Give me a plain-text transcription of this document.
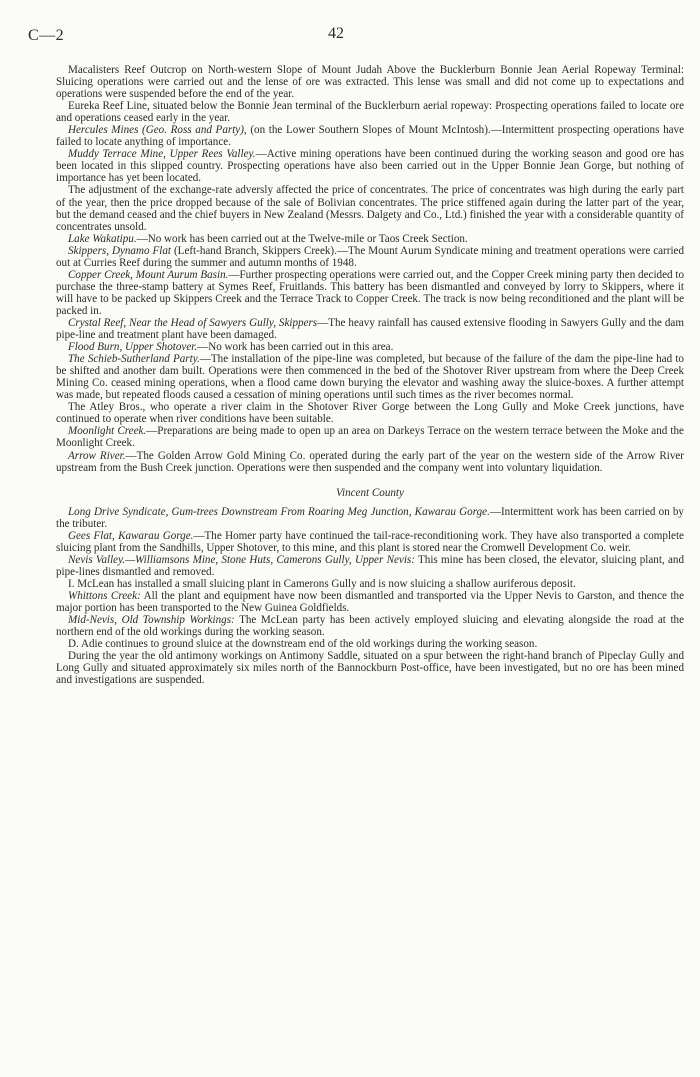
C—2	42

Macalisters Reef Outcrop on North-western Slope of Mount Judah Above the Bucklerburn Bonnie Jean Aerial Ropeway Terminal: Sluicing operations were carried out and the lense of ore was extracted. This lense was small and did not come up to expectations and operations were suspended before the end of the year.

Eureka Reef Line, situated below the Bonnie Jean terminal of the Bucklerburn aerial ropeway: Prospecting operations failed to locate ore and operations ceased early in the year.

Hercules Mines (Geo. Ross and Party), (on the Lower Southern Slopes of Mount McIntosh).—Intermittent prospecting operations have failed to locate anything of importance.

Muddy Terrace Mine, Upper Rees Valley.—Active mining operations have been continued during the working season and good ore has been located in this slipped country. Prospecting operations have also been carried out in the Upper Bonnie Jean Gorge, but nothing of importance has yet been located.

The adjustment of the exchange-rate adversly affected the price of concentrates. The price of concentrates was high during the early part of the year, then the price dropped because of the sale of Bolivian concentrates. The price stiffened again during the latter part of the year, but the demand ceased and the chief buyers in New Zealand (Messrs. Dalgety and Co., Ltd.) finished the year with a considerable quantity of concentrates unsold.

Lake Wakatipu.—No work has been carried out at the Twelve-mile or Taos Creek Section.

Skippers, Dynamo Flat (Left-hand Branch, Skippers Creek).—The Mount Aurum Syndicate mining and treatment operations were carried out at Curries Reef during the summer and autumn months of 1948.

Copper Creek, Mount Aurum Basin.—Further prospecting operations were carried out, and the Copper Creek mining party then decided to purchase the three-stamp battery at Symes Reef, Fruitlands. This battery has been dismantled and conveyed by lorry to Skippers, where it will have to be packed up Skippers Creek and the Terrace Track to Copper Creek. The track is now being reconditioned and the plant will be packed in.

Crystal Reef, Near the Head of Sawyers Gully, Skippers—The heavy rainfall has caused extensive flooding in Sawyers Gully and the dam pipe-line and treatment plant have been damaged.

Flood Burn, Upper Shotover.—No work has been carried out in this area.

The Schieb-Sutherland Party.—The installation of the pipe-line was completed, but because of the failure of the dam the pipe-line had to be shifted and another dam built. Operations were then commenced in the bed of the Shotover River upstream from where the Deep Creek Mining Co. ceased mining operations, when a flood came down burying the elevator and washing away the sluice-boxes. A further attempt was made, but repeated floods caused a cessation of mining operations until such times as the river becomes normal.

The Atley Bros., who operate a river claim in the Shotover River Gorge between the Long Gully and Moke Creek junctions, have continued to operate when river conditions have been suitable.

Moonlight Creek.—Preparations are being made to open up an area on Darkeys Terrace on the western terrace between the Moke and the Moonlight Creek.

Arrow River.—The Golden Arrow Gold Mining Co. operated during the early part of the year on the western side of the Arrow River upstream from the Bush Creek junction. Operations were then suspended and the company went into voluntary liquidation.

Vincent County

Long Drive Syndicate, Gum-trees Downstream From Roaring Meg Junction, Kawarau Gorge.—Intermittent work has been carried on by the tributer.

Gees Flat, Kawarau Gorge.—The Homer party have continued the tail-race-reconditioning work. They have also transported a complete sluicing plant from the Sandhills, Upper Shotover, to this mine, and this plant is stored near the Cromwell Development Co. weir.

Nevis Valley.—Williamsons Mine, Stone Huts, Camerons Gully, Upper Nevis: This mine has been closed, the elevator, sluicing plant, and pipe-lines dismantled and removed.

I. McLean has installed a small sluicing plant in Camerons Gully and is now sluicing a shallow auriferous deposit.

Whittons Creek: All the plant and equipment have now been dismantled and transported via the Upper Nevis to Garston, and thence the major portion has been transported to the New Guinea Goldfields.

Mid-Nevis, Old Township Workings: The McLean party has been actively employed sluicing and elevating alongside the road at the northern end of the old workings during the working season.

D. Adie continues to ground sluice at the downstream end of the old workings during the working season.

During the year the old antimony workings on Antimony Saddle, situated on a spur between the right-hand branch of Pipeclay Gully and Long Gully and situated approximately six miles north of the Bannockburn Post-office, have been investigated, but no ore has been mined and investigations are suspended.
